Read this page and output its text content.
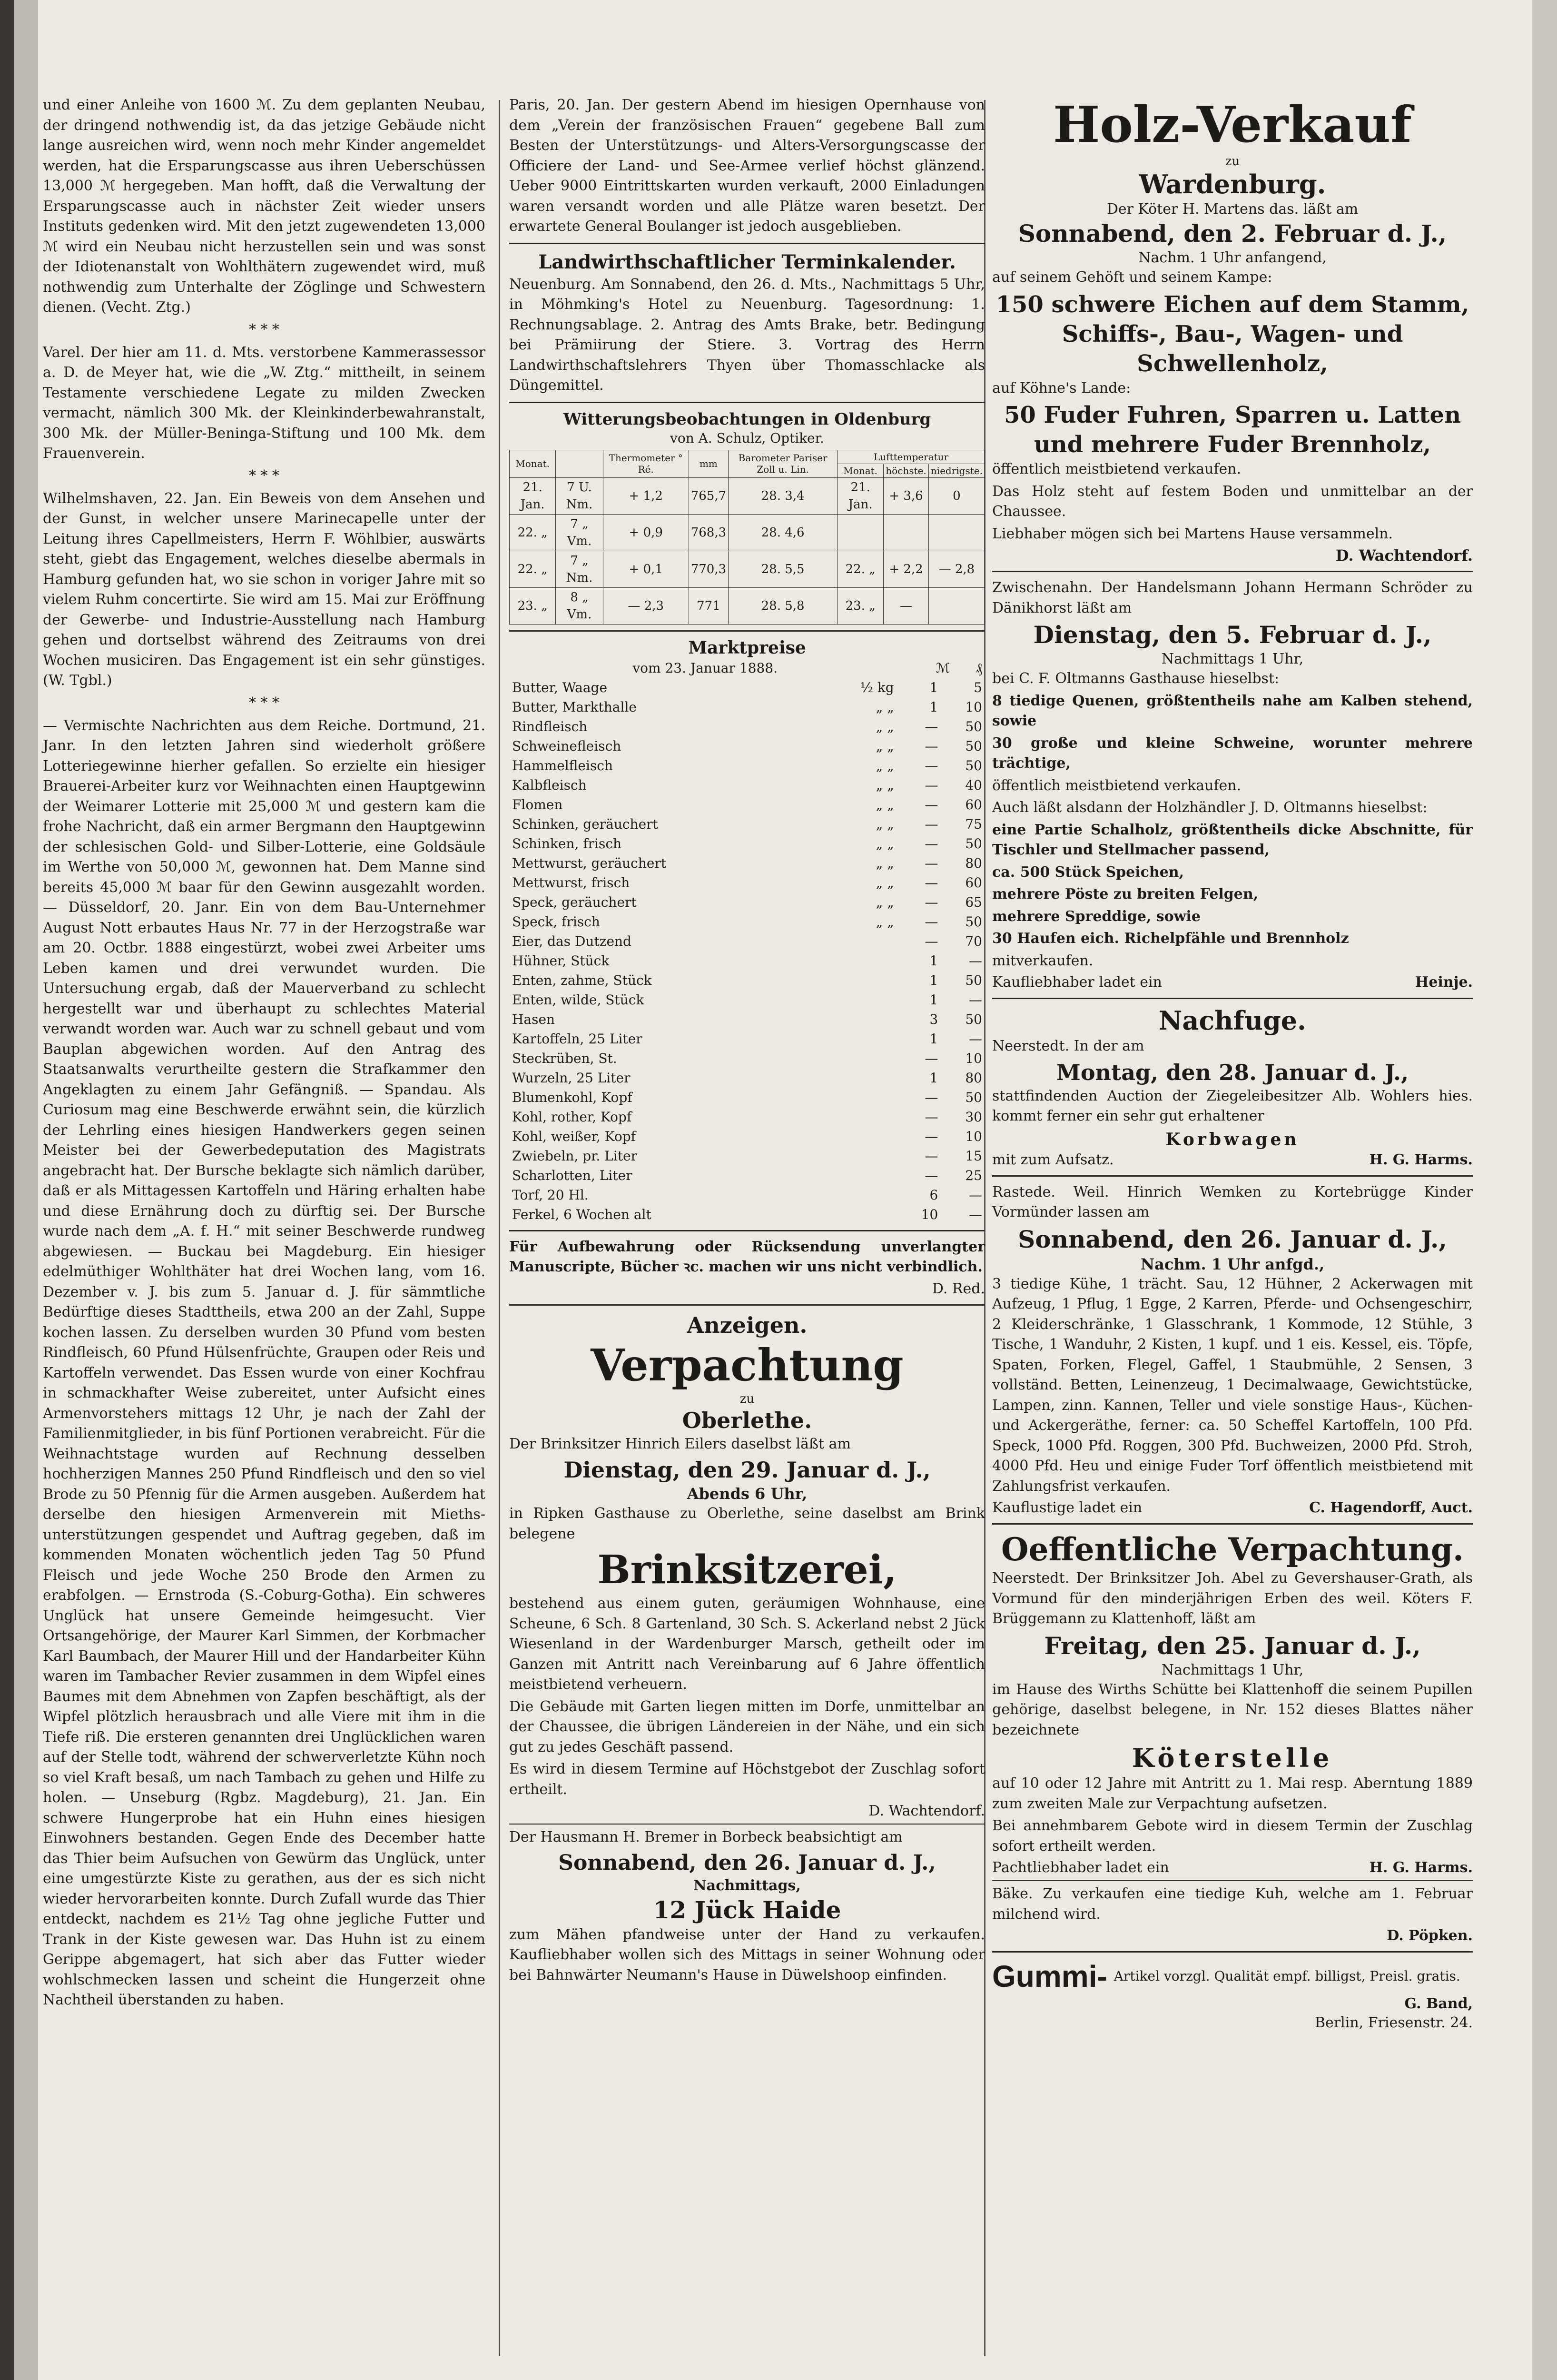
und einer Anleihe von 1600 ℳ. Zu dem geplanten Neubau, der dringend nothwendig ist, da das jetzige Gebäude nicht lange ausreichen wird, wenn noch mehr Kinder angemeldet werden, hat die Ersparungscasse aus ihren Ueberschüssen 13,000 ℳ hergegeben. Man hofft, daß die Verwaltung der Ersparungscasse auch in nächster Zeit wieder unsers Instituts gedenken wird. Mit den jetzt zugewendeten 13,000 ℳ wird ein Neubau nicht herzustellen sein und was sonst der Idiotenanstalt von Wohlthätern zugewendet wird, muß nothwendig zum Unterhalte der Zöglinge und Schwestern dienen. (Vecht. Ztg.)

* * *

Varel. Der hier am 11. d. Mts. verstorbene Kammerassessor a. D. de Meyer hat, wie die „W. Ztg.“ mittheilt, in seinem Testamente verschiedene Legate zu milden Zwecken vermacht, nämlich 300 Mk. der Kleinkinderbewahranstalt, 300 Mk. der Müller-Beninga-Stiftung und 100 Mk. dem Frauenverein.

* * *

Wilhelmshaven, 22. Jan. Ein Beweis von dem Ansehen und der Gunst, in welcher unsere Marinecapelle unter der Leitung ihres Capellmeisters, Herrn F. Wöhlbier, auswärts steht, giebt das Engagement, welches dieselbe abermals in Hamburg gefunden hat, wo sie schon in voriger Jahre mit so vielem Ruhm concertirte. Sie wird am 15. Mai zur Eröffnung der Gewerbe- und Industrie-Ausstellung nach Hamburg gehen und dortselbst während des Zeitraums von drei Wochen musiciren. Das Engagement ist ein sehr günstiges. (W. Tgbl.)

* * *

— Vermischte Nachrichten aus dem Reiche. Dortmund, 21. Janr. In den letzten Jahren sind wiederholt größere Lotteriegewinne hierher gefallen. So erzielte ein hiesiger Brauerei-Arbeiter kurz vor Weihnachten einen Hauptgewinn der Weimarer Lotterie mit 25,000 ℳ und gestern kam die frohe Nachricht, daß ein armer Bergmann den Hauptgewinn der schlesischen Gold- und Silber-Lotterie, eine Goldsäule im Werthe von 50,000 ℳ, gewonnen hat. Dem Manne sind bereits 45,000 ℳ baar für den Gewinn ausgezahlt worden. — Düsseldorf, 20. Janr. Ein von dem Bau-Unternehmer August Nott erbautes Haus Nr. 77 in der Herzogstraße war am 20. Octbr. 1888 eingestürzt, wobei zwei Arbeiter ums Leben kamen und drei verwundet wurden. Die Untersuchung ergab, daß der Mauerverband zu schlecht hergestellt war und überhaupt zu schlechtes Material verwandt worden war. Auch war zu schnell gebaut und vom Bauplan abgewichen worden. Auf den Antrag des Staatsanwalts verurtheilte gestern die Strafkammer den Angeklagten zu einem Jahr Gefängniß. — Spandau. Als Curiosum mag eine Beschwerde erwähnt sein, die kürzlich der Lehrling eines hiesigen Handwerkers gegen seinen Meister bei der Gewerbedeputation des Magistrats angebracht hat. Der Bursche beklagte sich nämlich darüber, daß er als Mittagessen Kartoffeln und Häring erhalten habe und diese Ernährung doch zu dürftig sei. Der Bursche wurde nach dem „A. f. H.“ mit seiner Beschwerde rundweg abgewiesen. — Buckau bei Magdeburg. Ein hiesiger edelmüthiger Wohlthäter hat drei Wochen lang, vom 16. Dezember v. J. bis zum 5. Januar d. J. für sämmtliche Bedürftige dieses Stadttheils, etwa 200 an der Zahl, Suppe kochen lassen. Zu derselben wurden 30 Pfund vom besten Rindfleisch, 60 Pfund Hülsenfrüchte, Graupen oder Reis und Kartoffeln verwendet. Das Essen wurde von einer Kochfrau in schmackhafter Weise zubereitet, unter Aufsicht eines Armenvorstehers mittags 12 Uhr, je nach der Zahl der Familienmitglieder, in bis fünf Portionen verabreicht. Für die Weihnachtstage wurden auf Rechnung desselben hochherzigen Mannes 250 Pfund Rindfleisch und den so viel Brode zu 50 Pfennig für die Armen ausgeben. Außerdem hat derselbe den hiesigen Armenverein mit Mieths-unterstützungen gespendet und Auftrag gegeben, daß im kommenden Monaten wöchentlich jeden Tag 50 Pfund Fleisch und jede Woche 250 Brode den Armen zu erabfolgen. — Ernstroda (S.-Coburg-Gotha). Ein schweres Unglück hat unsere Gemeinde heimgesucht. Vier Ortsangehörige, der Maurer Karl Simmen, der Korbmacher Karl Baumbach, der Maurer Hill und der Handarbeiter Kühn waren im Tambacher Revier zusammen in dem Wipfel eines Baumes mit dem Abnehmen von Zapfen beschäftigt, als der Wipfel plötzlich herausbrach und alle Viere mit ihm in die Tiefe riß. Die ersteren genannten drei Unglücklichen waren auf der Stelle todt, während der schwerverletzte Kühn noch so viel Kraft besaß, um nach Tambach zu gehen und Hilfe zu holen. — Unseburg (Rgbz. Magdeburg), 21. Jan. Ein schwere Hungerprobe hat ein Huhn eines hiesigen Einwohners bestanden. Gegen Ende des December hatte das Thier beim Aufsuchen von Gewürm das Unglück, unter eine umgestürzte Kiste zu gerathen, aus der es sich nicht wieder hervorarbeiten konnte. Durch Zufall wurde das Thier entdeckt, nachdem es 21½ Tag ohne jegliche Futter und Trank in der Kiste gewesen war. Das Huhn ist zu einem Gerippe abgemagert, hat sich aber das Futter wieder wohlschmecken lassen und scheint die Hungerzeit ohne Nachtheil überstanden zu haben.

Paris, 20. Jan. Der gestern Abend im hiesigen Opernhause von dem „Verein der französischen Frauen“ gegebene Ball zum Besten der Unterstützungs- und Alters-Versorgungscasse der Officiere der Land- und See-Armee verlief höchst glänzend. Ueber 9000 Eintrittskarten wurden verkauft, 2000 Einladungen waren versandt worden und alle Plätze waren besetzt. Der erwartete General Boulanger ist jedoch ausgeblieben.

Landwirthschaftlicher Terminkalender.

Neuenburg. Am Sonnabend, den 26. d. Mts., Nachmittags 5 Uhr, in Möhmking's Hotel zu Neuenburg. Tagesordnung: 1. Rechnungsablage. 2. Antrag des Amts Brake, betr. Bedingung bei Prämiirung der Stiere. 3. Vortrag des Herrn Landwirthschaftslehrers Thyen über Thomasschlacke als Düngemittel.

Witterungsbeobachtungen in Oldenburg
von A. Schulz, Optiker.
Monat.		Thermometer ° Ré.	mm	Barometer Pariser Zoll u. Lin.	Lufttemperatur		
					Monat.	höchste.	niedrigste.
21. Jan.	7 U. Nm.	+ 1,2	765,7	28. 3,4	21. Jan.	+ 3,6	0
22. „	7 „ Vm.	+ 0,9	768,3	28. 4,6			
22. „	7 „ Nm.	+ 0,1	770,3	28. 5,5	22. „	+ 2,2	— 2,8
23. „	8 „ Vm.	— 2,3	771	28. 5,8	23. „	—	
Marktpreise
vom 23. Januar 1888.	ℳ	₰
Butter, Waage	½ kg	1	5
Butter, Markthalle	„ „	1	10
Rindfleisch	„ „	—	50
Schweinefleisch	„ „	—	50
Hammelfleisch	„ „	—	50
Kalbfleisch	„ „	—	40
Flomen	„ „	—	60
Schinken, geräuchert	„ „	—	75
Schinken, frisch	„ „	—	50
Mettwurst, geräuchert	„ „	—	80
Mettwurst, frisch	„ „	—	60
Speck, geräuchert	„ „	—	65
Speck, frisch	„ „	—	50
Eier, das Dutzend		—	70
Hühner, Stück		1	—
Enten, zahme, Stück		1	50
Enten, wilde, Stück		1	—
Hasen		3	50
Kartoffeln, 25 Liter		1	—
Steckrüben, St.		—	10
Wurzeln, 25 Liter		1	80
Blumenkohl, Kopf		—	50
Kohl, rother, Kopf		—	30
Kohl, weißer, Kopf		—	10
Zwiebeln, pr. Liter		—	15
Scharlotten, Liter		—	25
Torf, 20 Hl.		6	—
Ferkel, 6 Wochen alt		10	—

Für Aufbewahrung oder Rücksendung unverlangter Manuscripte, Bücher ꝛc. machen wir uns nicht verbindlich.

D. Red.
Anzeigen.
Verpachtung
zu
Oberlethe.

Der Brinksitzer Hinrich Eilers daselbst läßt am

Dienstag, den 29. Januar d. J.,
Abends 6 Uhr,

in Ripken Gasthause zu Oberlethe, seine daselbst am Brink belegene

Brinksitzerei,

bestehend aus einem guten, geräumigen Wohnhause, eine Scheune, 6 Sch. 8 Gartenland, 30 Sch. S. Ackerland nebst 2 Jück Wiesenland in der Wardenburger Marsch, getheilt oder im Ganzen mit Antritt nach Vereinbarung auf 6 Jahre öffentlich meistbietend verheuern.

Die Gebäude mit Garten liegen mitten im Dorfe, unmittelbar an der Chaussee, die übrigen Ländereien in der Nähe, und ein sich gut zu jedes Geschäft passend.

Es wird in diesem Termine auf Höchstgebot der Zuschlag sofort ertheilt.

D. Wachtendorf.

Der Hausmann H. Bremer in Borbeck beabsichtigt am

Sonnabend, den 26. Januar d. J.,
Nachmittags,
12 Jück Haide

zum Mähen pfandweise unter der Hand zu verkaufen. Kaufliebhaber wollen sich des Mittags in seiner Wohnung oder bei Bahnwärter Neumann's Hause in Düwelshoop einfinden.

Holz-Verkauf
zu
Wardenburg.
Der Köter H. Martens das. läßt am
Sonnabend, den 2. Februar d. J.,
Nachm. 1 Uhr anfangend,

auf seinem Gehöft und seinem Kampe:

150 schwere Eichen auf dem Stamm, Schiffs-, Bau-, Wagen- und Schwellenholz,

auf Köhne's Lande:

50 Fuder Fuhren, Sparren u. Latten und mehrere Fuder Brennholz,

öffentlich meistbietend verkaufen.

Das Holz steht auf festem Boden und unmittelbar an der Chaussee.

Liebhaber mögen sich bei Martens Hause versammeln.

D. Wachtendorf.

Zwischenahn. Der Handelsmann Johann Hermann Schröder zu Dänikhorst läßt am

Dienstag, den 5. Februar d. J.,
Nachmittags 1 Uhr,

bei C. F. Oltmanns Gasthause hieselbst:

8 tiedige Quenen, größtentheils nahe am Kalben stehend, sowie

30 große und kleine Schweine, worunter mehrere trächtige,

öffentlich meistbietend verkaufen.

Auch läßt alsdann der Holzhändler J. D. Oltmanns hieselbst:

eine Partie Schalholz, größtentheils dicke Abschnitte, für Tischler und Stellmacher passend,

ca. 500 Stück Speichen,

mehrere Pöste zu breiten Felgen,

mehrere Spreddige, sowie

30 Haufen eich. Richelpfähle und Brennholz

mitverkaufen.

Kaufliebhaber ladet ein	Heinje.
Nachfuge.

Neerstedt. In der am

Montag, den 28. Januar d. J.,

stattfindenden Auction der Ziegeleibesitzer Alb. Wohlers hies. kommt ferner ein sehr gut erhaltener

Korbwagen
mit zum Aufsatz.	H. G. Harms.

Rastede. Weil. Hinrich Wemken zu Kortebrügge Kinder Vormünder lassen am

Sonnabend, den 26. Januar d. J.,
Nachm. 1 Uhr anfgd.,

3 tiedige Kühe, 1 trächt. Sau, 12 Hühner, 2 Ackerwagen mit Aufzeug, 1 Pflug, 1 Egge, 2 Karren, Pferde- und Ochsengeschirr, 2 Kleiderschränke, 1 Glasschrank, 1 Kommode, 12 Stühle, 3 Tische, 1 Wanduhr, 2 Kisten, 1 kupf. und 1 eis. Kessel, eis. Töpfe, Spaten, Forken, Flegel, Gaffel, 1 Staubmühle, 2 Sensen, 3 vollständ. Betten, Leinenzeug, 1 Decimalwaage, Gewichtstücke, Lampen, zinn. Kannen, Teller und viele sonstige Haus-, Küchen- und Ackergeräthe, ferner: ca. 50 Scheffel Kartoffeln, 100 Pfd. Speck, 1000 Pfd. Roggen, 300 Pfd. Buchweizen, 2000 Pfd. Stroh, 4000 Pfd. Heu und einige Fuder Torf öffentlich meistbietend mit Zahlungsfrist verkaufen.

Kauflustige ladet ein	C. Hagendorff, Auct.
Oeffentliche Verpachtung.

Neerstedt. Der Brinksitzer Joh. Abel zu Gevershauser-Grath, als Vormund für den minderjährigen Erben des weil. Köters F. Brüggemann zu Klattenhoff, läßt am

Freitag, den 25. Januar d. J.,
Nachmittags 1 Uhr,

im Hause des Wirths Schütte bei Klattenhoff die seinem Pupillen gehörige, daselbst belegene, in Nr. 152 dieses Blattes näher bezeichnete

Köterstelle

auf 10 oder 12 Jahre mit Antritt zu 1. Mai resp. Aberntung 1889 zum zweiten Male zur Verpachtung aufsetzen.

Bei annehmbarem Gebote wird in diesem Termin der Zuschlag sofort ertheilt werden.

Pachtliebhaber ladet ein	H. G. Harms.

Bäke. Zu verkaufen eine tiedige Kuh, welche am 1. Februar milchend wird.

D. Pöpken.
Gummi- Artikel vorzgl. Qualität empf. billigst, Preisl. gratis.
G. Band,
Berlin, Friesenstr. 24.
